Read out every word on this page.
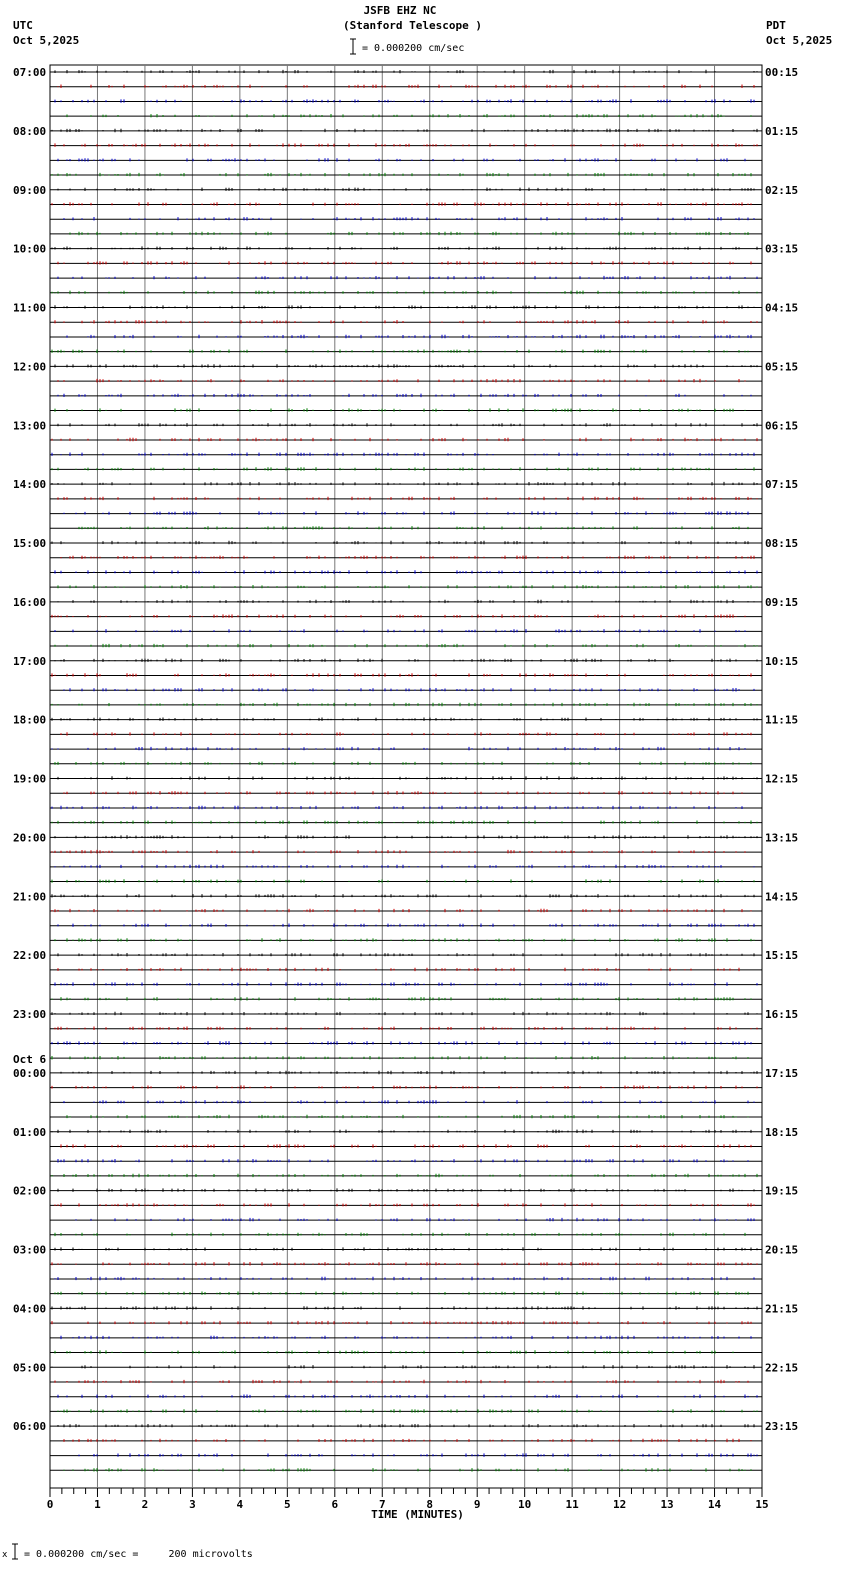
JSFB EHZ NC
(Stanford Telescope )
UTC
Oct 5,2025
PDT
Oct 5,2025
= 0.000200 cm/sec
07:00
08:00
09:00
10:00
11:00
12:00
13:00
14:00
15:00
16:00
17:00
18:00
19:00
20:00
21:00
22:00
23:00
00:00
01:00
02:00
03:00
04:00
05:00
06:00
00:15
01:15
02:15
03:15
04:15
05:15
06:15
07:15
08:15
09:15
10:15
11:15
12:15
13:15
14:15
15:15
16:15
17:15
18:15
19:15
20:15
21:15
22:15
23:15
Oct 6
0	1	2	3	4	5	6	7	8	9	10	11	12	13	14	15
TIME (MINUTES)
x = 0.000200 cm/sec =     200 microvolts
